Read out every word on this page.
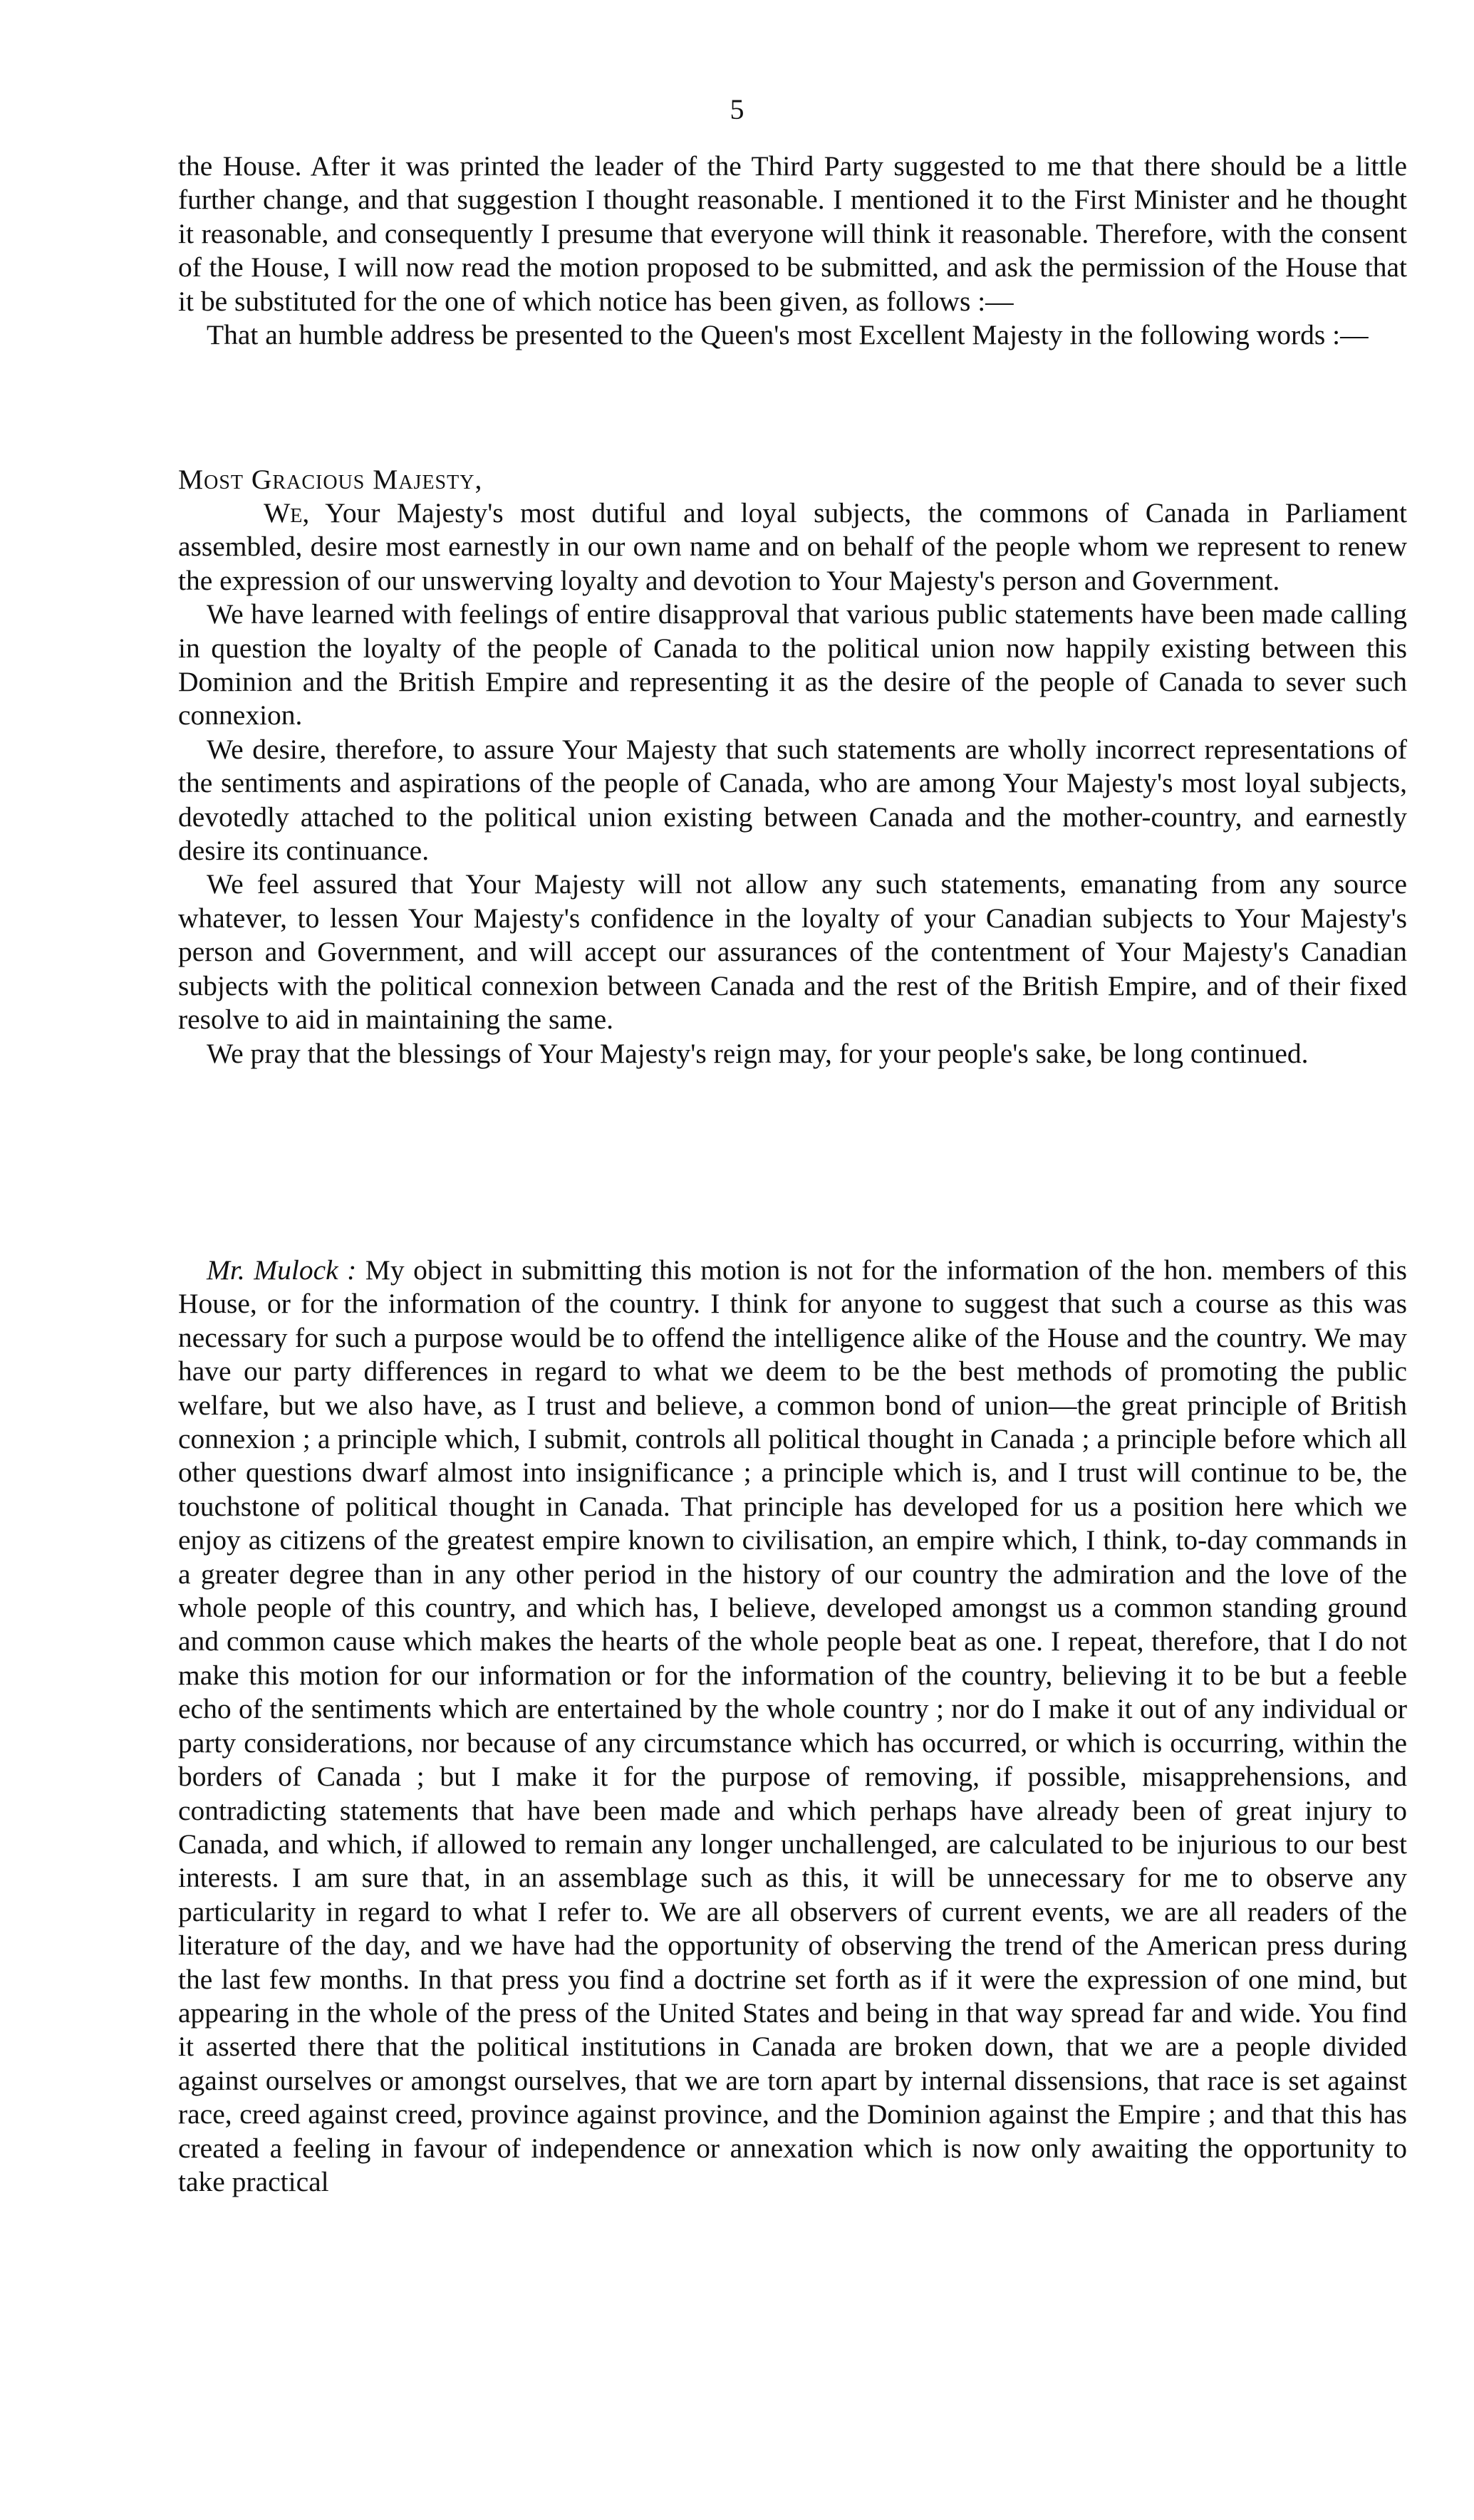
5

the House. After it was printed the leader of the Third Party suggested to me that there should be a little further change, and that suggestion I thought reasonable. I mentioned it to the First Minister and he thought it reasonable, and consequently I presume that everyone will think it reasonable. Therefore, with the consent of the House, I will now read the motion proposed to be submitted, and ask the permission of the House that it be substituted for the one of which notice has been given, as follows :—

That an humble address be presented to the Queen's most Excellent Majesty in the following words :—

Most Gracious Majesty,

We, Your Majesty's most dutiful and loyal subjects, the commons of Canada in Parliament assembled, desire most earnestly in our own name and on behalf of the people whom we represent to renew the expression of our unswerving loyalty and devotion to Your Majesty's person and Government.

We have learned with feelings of entire disapproval that various public statements have been made calling in question the loyalty of the people of Canada to the political union now happily existing between this Dominion and the British Empire and representing it as the desire of the people of Canada to sever such connexion.

We desire, therefore, to assure Your Majesty that such statements are wholly incorrect representations of the sentiments and aspirations of the people of Canada, who are among Your Majesty's most loyal subjects, devotedly attached to the political union existing between Canada and the mother-country, and earnestly desire its continuance.

We feel assured that Your Majesty will not allow any such statements, emanating from any source whatever, to lessen Your Majesty's confidence in the loyalty of your Canadian subjects to Your Majesty's person and Government, and will accept our assurances of the contentment of Your Majesty's Canadian subjects with the political connexion between Canada and the rest of the British Empire, and of their fixed resolve to aid in maintaining the same.

We pray that the blessings of Your Majesty's reign may, for your people's sake, be long continued.

Mr. Mulock : My object in submitting this motion is not for the information of the hon. members of this House, or for the information of the country. I think for anyone to suggest that such a course as this was necessary for such a purpose would be to offend the intelligence alike of the House and the country. We may have our party differences in regard to what we deem to be the best methods of promoting the public welfare, but we also have, as I trust and believe, a common bond of union—the great principle of British connexion ; a principle which, I submit, controls all political thought in Canada ; a principle before which all other questions dwarf almost into insignificance ; a principle which is, and I trust will continue to be, the touchstone of political thought in Canada. That principle has developed for us a position here which we enjoy as citizens of the greatest empire known to civilisation, an empire which, I think, to-day commands in a greater degree than in any other period in the history of our country the admiration and the love of the whole people of this country, and which has, I believe, developed amongst us a common standing ground and common cause which makes the hearts of the whole people beat as one. I repeat, therefore, that I do not make this motion for our information or for the information of the country, believing it to be but a feeble echo of the sentiments which are entertained by the whole country ; nor do I make it out of any individual or party considerations, nor because of any circumstance which has occurred, or which is occurring, within the borders of Canada ; but I make it for the purpose of removing, if possible, misapprehensions, and contradicting statements that have been made and which perhaps have already been of great injury to Canada, and which, if allowed to remain any longer unchallenged, are calculated to be injurious to our best interests. I am sure that, in an assemblage such as this, it will be unnecessary for me to observe any particularity in regard to what I refer to. We are all observers of current events, we are all readers of the literature of the day, and we have had the opportunity of observing the trend of the American press during the last few months. In that press you find a doctrine set forth as if it were the expression of one mind, but appearing in the whole of the press of the United States and being in that way spread far and wide. You find it asserted there that the political institutions in Canada are broken down, that we are a people divided against ourselves or amongst ourselves, that we are torn apart by internal dissensions, that race is set against race, creed against creed, province against province, and the Dominion against the Empire ; and that this has created a feeling in favour of independence or annexation which is now only awaiting the opportunity to take practical
